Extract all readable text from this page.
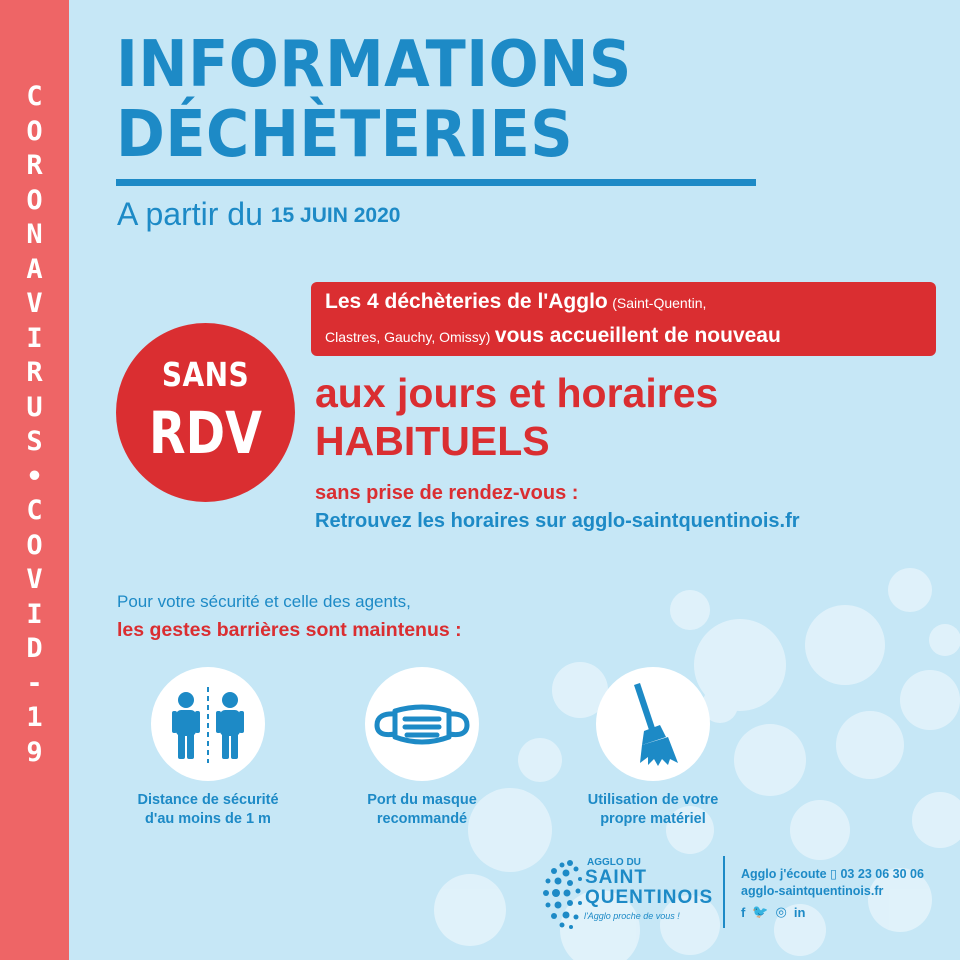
C
O
R
O
N
A
V
I
R
U
S
•
C
O
V
I
D
-
1
9
INFORMATIONS
DÉCHÈTERIES
A partir du 15 JUIN 2020
Les 4 déchèteries de l'Agglo (Saint-Quentin,
Clastres, Gauchy, Omissy) vous accueillent de nouveau
SANS
RDV
aux jours et horaires
HABITUELS
sans prise de rendez-vous :
Retrouvez les horaires sur agglo-saintquentinois.fr
Pour votre sécurité et celle des agents,
les gestes barrières sont maintenus :
Distance de sécurité
d'au moins de 1 m
Port du masque
recommandé
Utilisation de votre
propre matériel
AGGLO DU
SAINT
QUENTINOIS
l'Agglo proche de vous !
Agglo j'écoute ▯ 03 23 06 30 06
agglo-saintquentinois.fr
f 🐦 ◎ in
